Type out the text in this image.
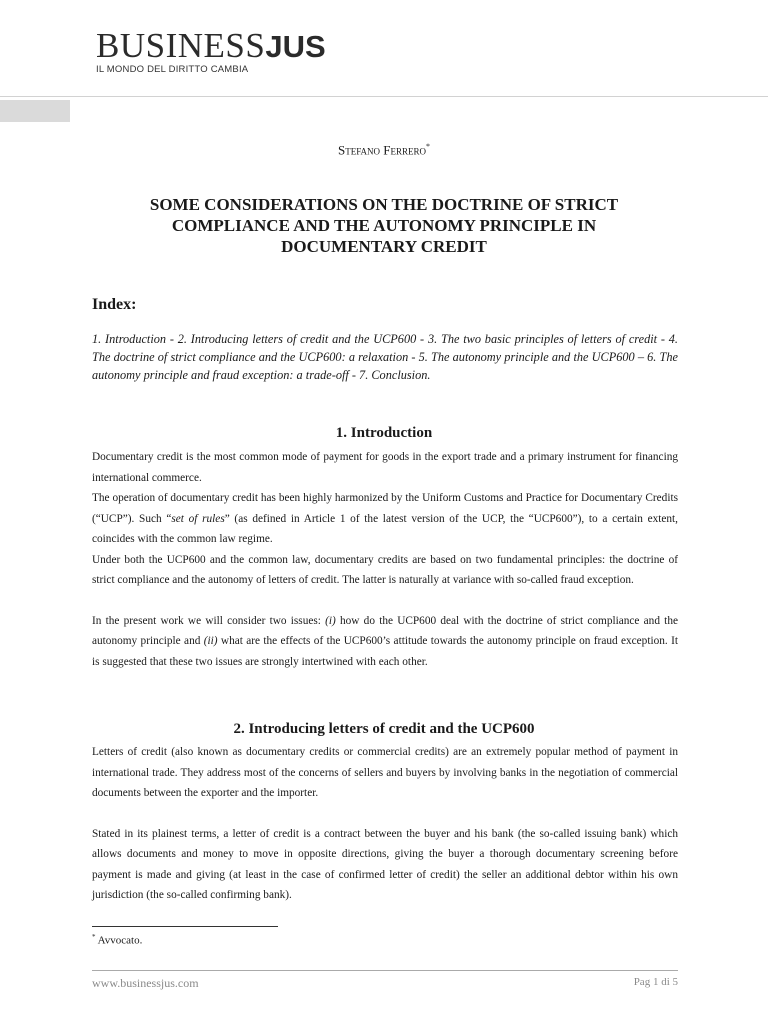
BUSINESSJUS
IL MONDO DEL DIRITTO CAMBIA
Stefano Ferrero*
SOME CONSIDERATIONS ON THE DOCTRINE OF STRICT COMPLIANCE AND THE AUTONOMY PRINCIPLE IN DOCUMENTARY CREDIT
Index:
1. Introduction - 2. Introducing letters of credit and the UCP600 - 3. The two basic principles of letters of credit - 4. The doctrine of strict compliance and the UCP600: a relaxation - 5. The autonomy principle and the UCP600 – 6. The autonomy principle and fraud exception: a trade-off - 7. Conclusion.
1. Introduction

Documentary credit is the most common mode of payment for goods in the export trade and a primary instrument for financing international commerce.

The operation of documentary credit has been highly harmonized by the Uniform Customs and Practice for Documentary Credits (“UCP”). Such “set of rules” (as defined in Article 1 of the latest version of the UCP, the “UCP600”), to a certain extent, coincides with the common law regime.

Under both the UCP600 and the common law, documentary credits are based on two fundamental principles: the doctrine of strict compliance and the autonomy of letters of credit. The latter is naturally at variance with so-called fraud exception.

In the present work we will consider two issues: (i) how do the UCP600 deal with the doctrine of strict compliance and the autonomy principle and (ii) what are the effects of the UCP600’s attitude towards the autonomy principle on fraud exception. It is suggested that these two issues are strongly intertwined with each other.

2. Introducing letters of credit and the UCP600

Letters of credit (also known as documentary credits or commercial credits) are an extremely popular method of payment in international trade. They address most of the concerns of sellers and buyers by involving banks in the negotiation of commercial documents between the exporter and the importer.

Stated in its plainest terms, a letter of credit is a contract between the buyer and his bank (the so-called issuing bank) which allows documents and money to move in opposite directions, giving the buyer a thorough documentary screening before payment is made and giving (at least in the case of confirmed letter of credit) the seller an additional debtor within his own jurisdiction (the so-called confirming bank).

* Avvocato.
www.businessjus.com	Pag 1 di 5
